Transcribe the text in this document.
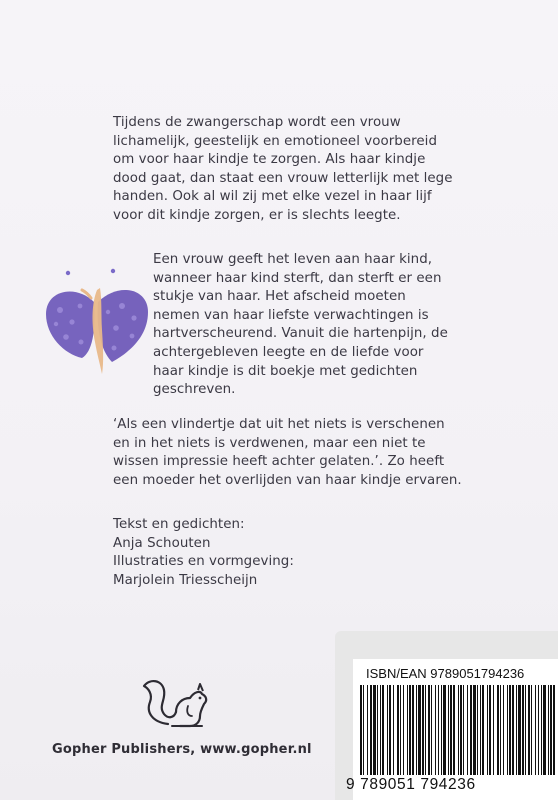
Tijdens de zwangerschap wordt een vrouw
lichamelijk, geestelijk en emotioneel voorbereid
om voor haar kindje te zorgen. Als haar kindje
dood gaat, dan staat een vrouw letterlijk met lege
handen. Ook al wil zij met elke vezel in haar lijf
voor dit kindje zorgen, er is slechts leegte.
Een vrouw geeft het leven aan haar kind,
wanneer haar kind sterft, dan sterft er een
stukje van haar. Het afscheid moeten
nemen van haar liefste verwachtingen is
hartverscheurend. Vanuit die hartenpijn, de
achtergebleven leegte en de liefde voor
haar kindje is dit boekje met gedichten
geschreven.
‘Als een vlindertje dat uit het niets is verschenen
en in het niets is verdwenen, maar een niet te
wissen impressie heeft achter gelaten.’. Zo heeft
een moeder het overlijden van haar kindje ervaren.
Tekst en gedichten:
Anja Schouten
Illustraties en vormgeving:
Marjolein Triesscheijn
Gopher Publishers, www.gopher.nl
ISBN/EAN 9789051794236
9 789051 794236
